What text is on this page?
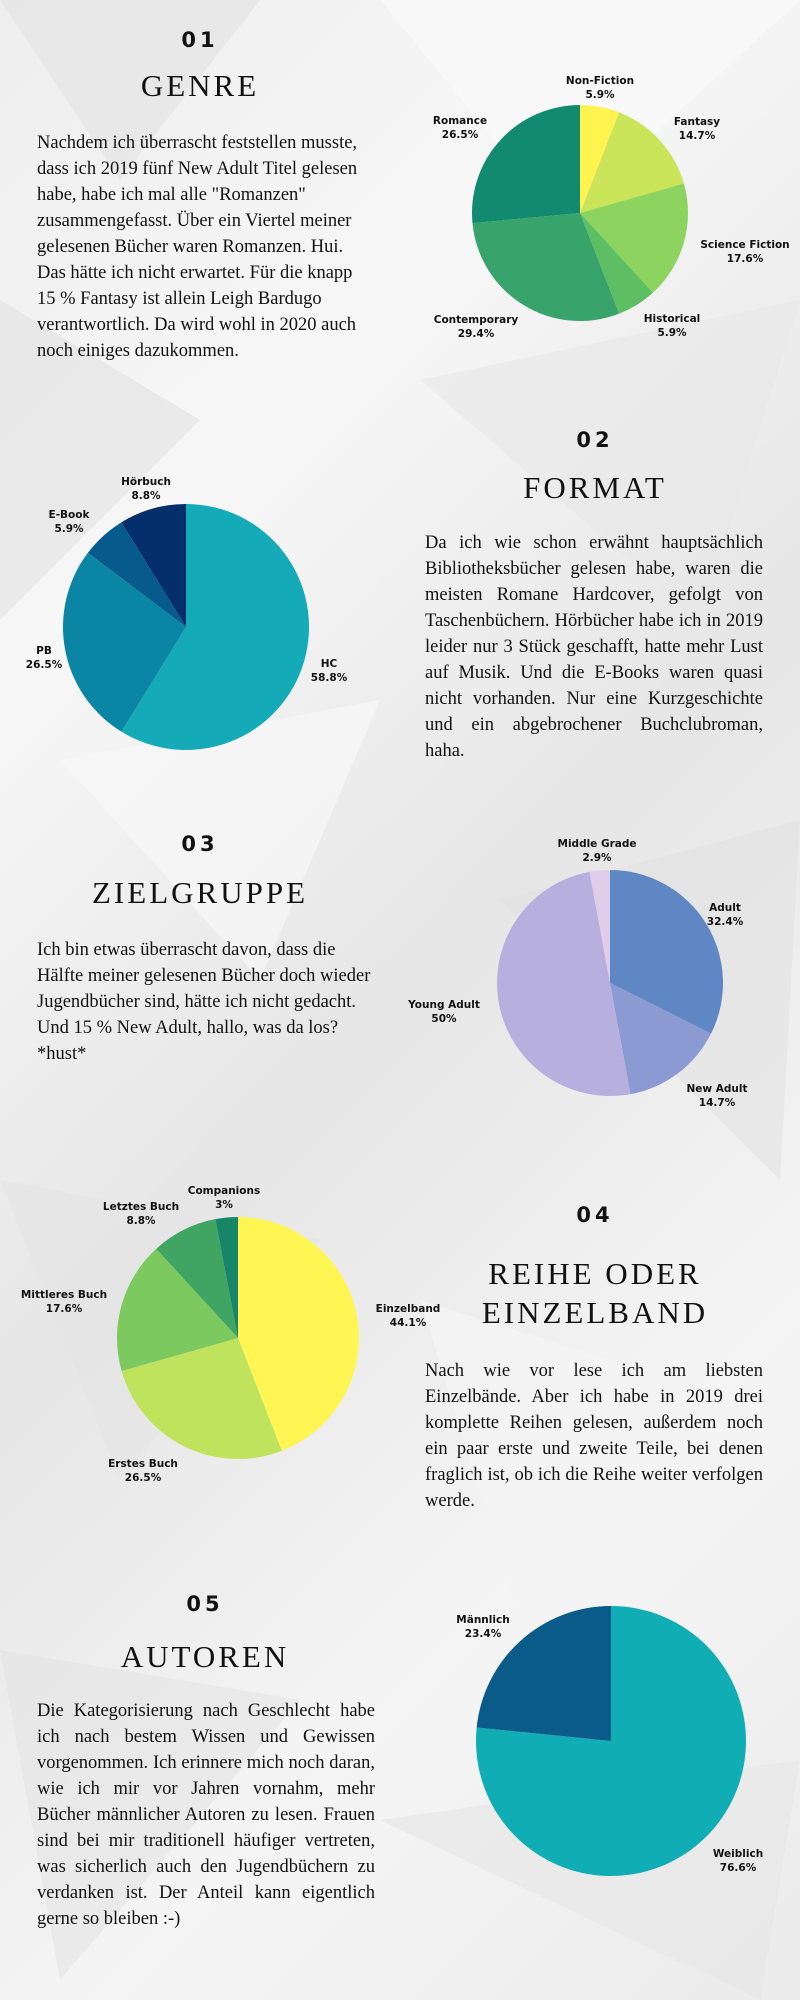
01
GENRE
Nachdem ich überrascht feststellen musste, dass ich 2019 fünf New Adult Titel gelesen habe, habe ich mal alle "Romanzen" zusammengefasst. Über ein Viertel meiner gelesenen Bücher waren Romanzen. Hui. Das hätte ich nicht erwartet. Für die knapp 15 % Fantasy ist allein Leigh Bardugo verantwortlich. Da wird wohl in 2020 auch noch einiges dazukommen.
Non-Fiction
5.9%
Fantasy
14.7%
Science Fiction
17.6%
Historical
5.9%
Contemporary
29.4%
Romance
26.5%
HC
58.8%
PB
26.5%
E-Book
5.9%
Hörbuch
8.8%
Adult
32.4%
New Adult
14.7%
Young Adult
50%
Middle Grade
2.9%
Einzelband
44.1%
Erstes Buch
26.5%
Mittleres Buch
17.6%
Letztes Buch
8.8%
Companions
3%
Weiblich
76.6%
Männlich
23.4%
02
FORMAT
Da ich wie schon erwähnt hauptsächlich Bibliotheksbücher gelesen habe, waren die meisten Romane Hardcover, gefolgt von Taschenbüchern. Hörbücher habe ich in 2019 leider nur 3 Stück geschafft, hatte mehr Lust auf Musik. Und die E-Books waren quasi nicht vorhanden. Nur eine Kurzgeschichte und ein abgebrochener Buchclubroman, haha.
03
ZIELGRUPPE
Ich bin etwas überrascht davon, dass die Hälfte meiner gelesenen Bücher doch wieder Jugendbücher sind, hätte ich nicht gedacht. Und 15 % New Adult, hallo, was da los? *hust*
04
REIHE ODER EINZELBAND
Nach wie vor lese ich am liebsten Einzelbände. Aber ich habe in 2019 drei komplette Reihen gelesen, außerdem noch ein paar erste und zweite Teile, bei denen fraglich ist, ob ich die Reihe weiter verfolgen werde.
05
AUTOREN
Die Kategorisierung nach Geschlecht habe ich nach bestem Wissen und Gewissen vorgenommen. Ich erinnere mich noch daran, wie ich mir vor Jahren vornahm, mehr Bücher männlicher Autoren zu lesen. Frauen sind bei mir traditionell häufiger vertreten, was sicherlich auch den Jugendbüchern zu verdanken ist. Der Anteil kann eigentlich gerne so bleiben :-)
